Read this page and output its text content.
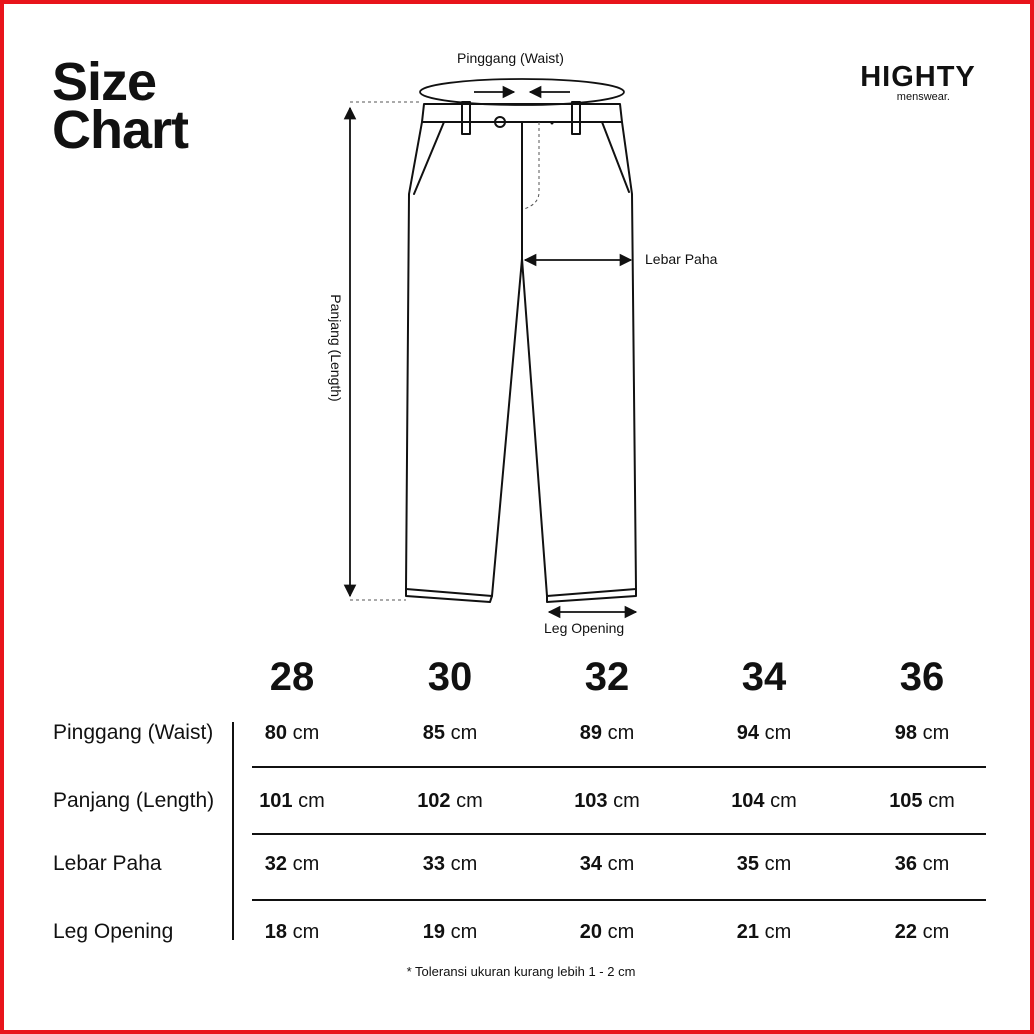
Size
Chart
HIGHTY
menswear.
Pinggang (Waist)
Lebar Paha
Panjang (Length)
Leg Opening
28	30	32	34	36
Pinggang (Waist)	80 cm	85 cm	89 cm	94 cm	98 cm
Panjang (Length)	101 cm	102 cm	103 cm	104 cm	105 cm
Lebar Paha	32 cm	33 cm	34 cm	35 cm	36 cm
Leg Opening	18 cm	19 cm	20 cm	21 cm	22 cm
* Toleransi ukuran kurang lebih 1 - 2 cm
